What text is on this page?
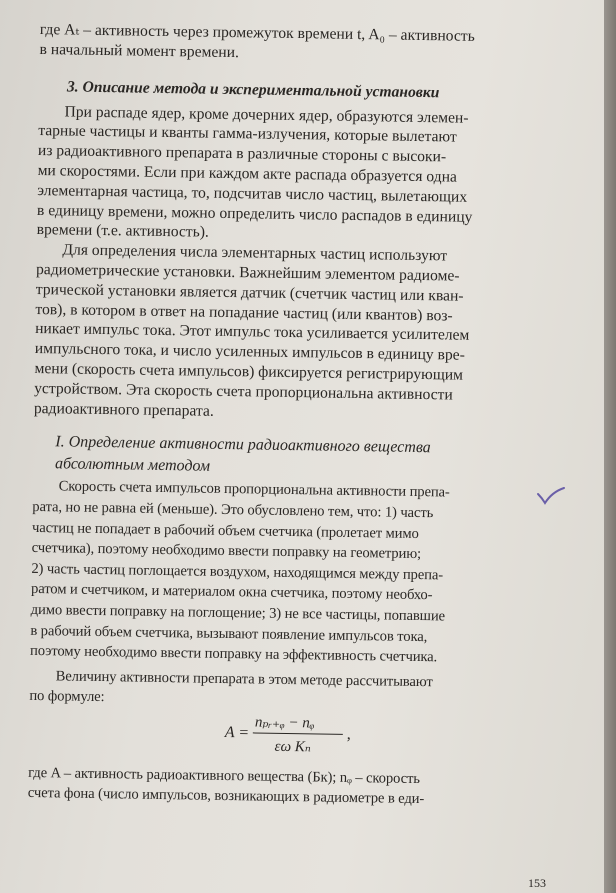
где Aₜ – активность через промежуток времени t, A₀ – активность
в начальный момент времени.
3. Описание метода и экспериментальной установки
При распаде ядер, кроме дочерних ядер, образуются элемен-
тарные частицы и кванты гамма-излучения, которые вылетают
из радиоактивного препарата в различные стороны с высоки-
ми скоростями. Если при каждом акте распада образуется одна
элементарная частица, то, подсчитав число частиц, вылетающих
в единицу времени, можно определить число распадов в единицу
времени (т.е. активность).
Для определения числа элементарных частиц используют
радиометрические установки. Важнейшим элементом радиоме-
трической установки является датчик (счетчик частиц или кван-
тов), в котором в ответ на попадание частиц (или квантов) воз-
никает импульс тока. Этот импульс тока усиливается усилителем
импульсного тока, и число усиленных импульсов в единицу вре-
мени (скорость счета импульсов) фиксируется регистрирующим
устройством. Эта скорость счета пропорциональна активности
радиоактивного препарата.
I. Определение активности радиоактивного вещества
абсолютным методом
Скорость счета импульсов пропорциональна активности препа-
рата, но не равна ей (меньше). Это обусловлено тем, что: 1) часть
частиц не попадает в рабочий объем счетчика (пролетает мимо
счетчика), поэтому необходимо ввести поправку на геометрию;
2) часть частиц поглощается воздухом, находящимся между препа-
ратом и счетчиком, и материалом окна счетчика, поэтому необхо-
димо ввести поправку на поглощение; 3) не все частицы, попавшие
в рабочий объем счетчика, вызывают появление импульсов тока,
поэтому необходимо ввести поправку на эффективность счетчика.
Величину активности препарата в этом методе рассчитывают
по формуле:
A =
nₚᵣ₊ᵩ − nᵩ
εω Kₙ
,
где A – активность радиоактивного вещества (Бк); nᵩ – скорость
счета фона (число импульсов, возникающих в радиометре в еди-
153
